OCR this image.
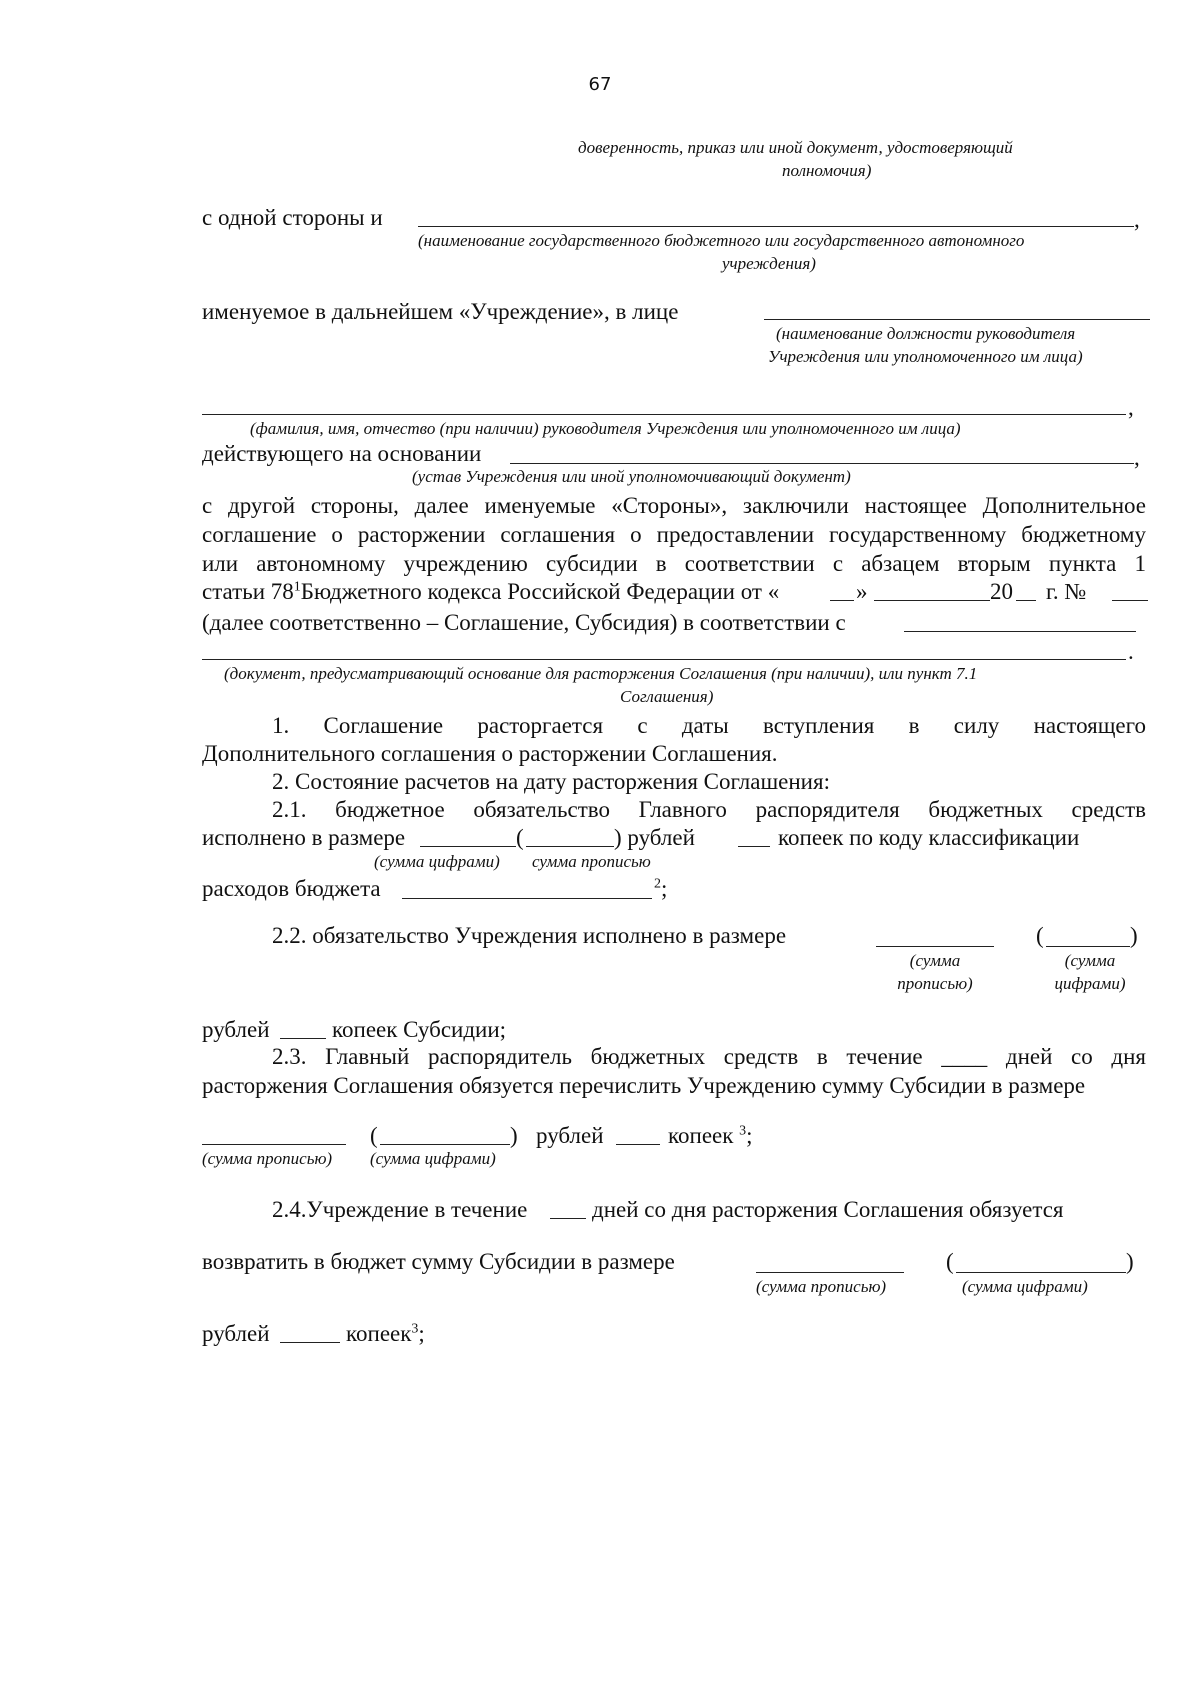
67
доверенность, приказ или иной документ, удостоверяющий
полномочия)
с одной стороны и	,
(наименование государственного бюджетного или государственного автономного
учреждения)
именуемое в дальнейшем «Учреждение», в лице
(наименование должности руководителя
Учреждения или уполномоченного им лица)
,
(фамилия, имя, отчество (при наличии) руководителя Учреждения или уполномоченного им лица)
действующего на основании	,
(устав Учреждения или иной уполномочивающий документ)
с другой стороны, далее именуемые «Стороны», заключили настоящее Дополнительное
соглашение о расторжении соглашения о предоставлении государственному бюджетному
или автономному учреждению субсидии в соответствии с абзацем вторым пункта 1
статьи $78^1Бюджетного$ кодекса Российской Федерации от «	»	20 г. №
(далее соответственно – Соглашение, Субсидия) в соответствии с
.
(документ, предусматривающий основание для расторжения Соглашения (при наличии), или пункт 7.1
Соглашения)
1. Соглашение расторгается с даты вступления в силу настоящего
Дополнительного соглашения о расторжении Соглашения.
2. Состояние расчетов на дату расторжения Соглашения:
2.1. бюджетное обязательство Главного распорядителя бюджетных средств
исполнено в размере	(	) рублей	копеек по коду классификации
(сумма цифрами) сумма прописью
расходов бюджета	$^2$;
2.2. обязательство Учреждения исполнено в размере	(	)
(сумма
прописью)
(сумма
цифрами)
рублей	копеек Субсидии;
2.3. Главный распорядитель бюджетных средств в течение ____ дней со дня
расторжения Соглашения обязуется перечислить Учреждению сумму Субсидии в размере
(	) рублей	копеек $^3$;
(сумма прописью) (сумма цифрами)
2.4.Учреждение в течение	дней со дня расторжения Соглашения обязуется
возвратить в бюджет сумму Субсидии в размере	(	)
(сумма прописью)	(сумма цифрами)
рублей	копеек$^3$;
